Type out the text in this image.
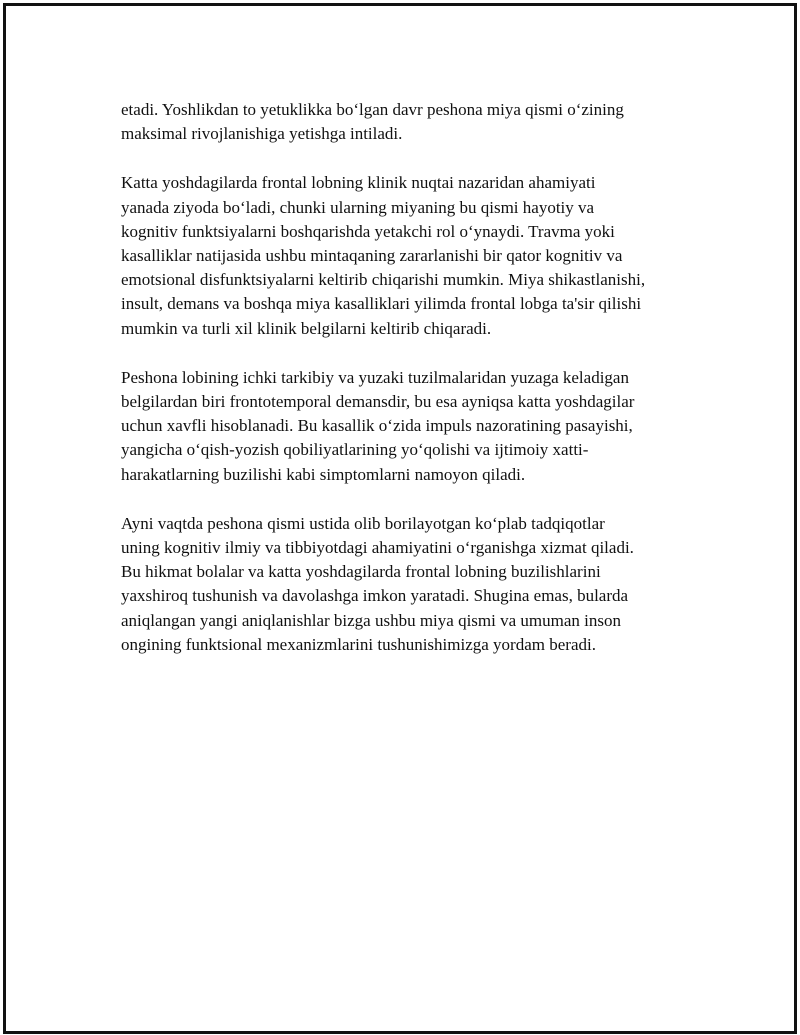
etadi. Yoshlikdan to yetuklikka bo‘lgan davr peshona miya qismi o‘zining
maksimal rivojlanishiga yetishga intiladi.

Katta yoshdagilarda frontal lobning klinik nuqtai nazaridan ahamiyati
yanada ziyoda bo‘ladi, chunki ularning miyaning bu qismi hayotiy va
kognitiv funktsiyalarni boshqarishda yetakchi rol o‘ynaydi. Travma yoki
kasalliklar natijasida ushbu mintaqaning zararlanishi bir qator kognitiv va
emotsional disfunktsiyalarni keltirib chiqarishi mumkin. Miya shikastlanishi,
insult, demans va boshqa miya kasalliklari yilimda frontal lobga ta'sir qilishi
mumkin va turli xil klinik belgilarni keltirib chiqaradi.

Peshona lobining ichki tarkibiy va yuzaki tuzilmalaridan yuzaga keladigan
belgilardan biri frontotemporal demansdir, bu esa ayniqsa katta yoshdagilar
uchun xavfli hisoblanadi. Bu kasallik o‘zida impuls nazoratining pasayishi,
yangicha o‘qish-yozish qobiliyatlarining yo‘qolishi va ijtimoiy xatti-
harakatlarning buzilishi kabi simptomlarni namoyon qiladi.

Ayni vaqtda peshona qismi ustida olib borilayotgan ko‘plab tadqiqotlar
uning kognitiv ilmiy va tibbiyotdagi ahamiyatini o‘rganishga xizmat qiladi.
Bu hikmat bolalar va katta yoshdagilarda frontal lobning buzilishlarini
yaxshiroq tushunish va davolashga imkon yaratadi. Shugina emas, bularda
aniqlangan yangi aniqlanishlar bizga ushbu miya qismi va umuman inson
ongining funktsional mexanizmlarini tushunishimizga yordam beradi.
